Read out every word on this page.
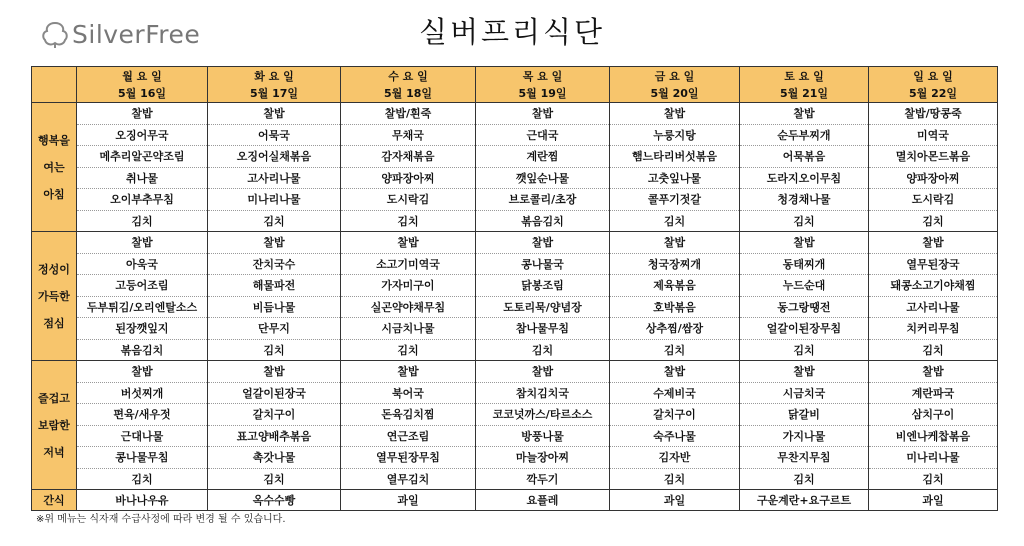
SilverFree	실버프리식단
	월 요 일	화 요 일	수 요 일	목 요 일	금 요 일	토 요 일	일 요 일
	5월 16일	5월 17일	5월 18일	5월 19일	5월 20일	5월 21일	5월 22일

행복을
여는
아침	찰밥	찰밥	찰밥/흰죽	찰밥	찰밥	찰밥	찰밥/땅콩죽
	오징어무국	어묵국	무채국	근대국	누룽지탕	순두부찌개	미역국
	메추리알곤약조림	오징어실채볶음	감자채볶음	계란찜	햄느타리버섯볶음	어묵볶음	멸치아몬드볶음
	취나물	고사리나물	양파장아찌	깻잎순나물	고춧잎나물	도라지오이무침	양파장아찌
	오이부추무침	미나리나물	도시락김	브로콜리/초장	콜푸기젓갈	청경채나물	도시락김
	김치	김치	김치	볶음김치	김치	김치	김치

정성이
가득한
점심	찰밥	찰밥	찰밥	찰밥	찰밥	찰밥	찰밥
	아욱국	잔치국수	소고기미역국	콩나물국	청국장찌개	동태찌개	열무된장국
	고등어조림	해물파전	가자미구이	닭봉조림	제육볶음	누드순대	돼콩소고기야채찜
	두부튀김/오리엔탈소스	비듬나물	실곤약야채무침	도토리묵/양념장	호박볶음	동그랑땡전	고사리나물
	된장깻잎지	단무지	시금치나물	참나물무침	상추찜/쌈장	얼갈이된장무침	치커리무침
	볶음김치	김치	김치	김치	김치	김치	김치

즐겁고
보람한
저녁	찰밥	찰밥	찰밥	찰밥	찰밥	찰밥	찰밥
	버섯찌개	얼갈이된장국	북어국	참치김치국	수제비국	시금치국	계란파국
	편육/새우젓	갈치구이	돈육김치찜	코코넛까스/타르소스	갈치구이	닭갈비	삼치구이
	근대나물	표고양배추볶음	연근조림	방풍나물	숙주나물	가지나물	비엔나케찹볶음
	콩나물무침	촉갓나물	열무된장무침	마늘장아찌	김자반	무찬지무침	미나리나물
	김치	김치	열무김치	깍두기	김치	김치	김치
간식	바나나우유	옥수수빵	과일	요플레	과일	구운계란+요구르트	과일
※위 메뉴는 식자재 수급사정에 따라 변경 될 수 있습니다.
